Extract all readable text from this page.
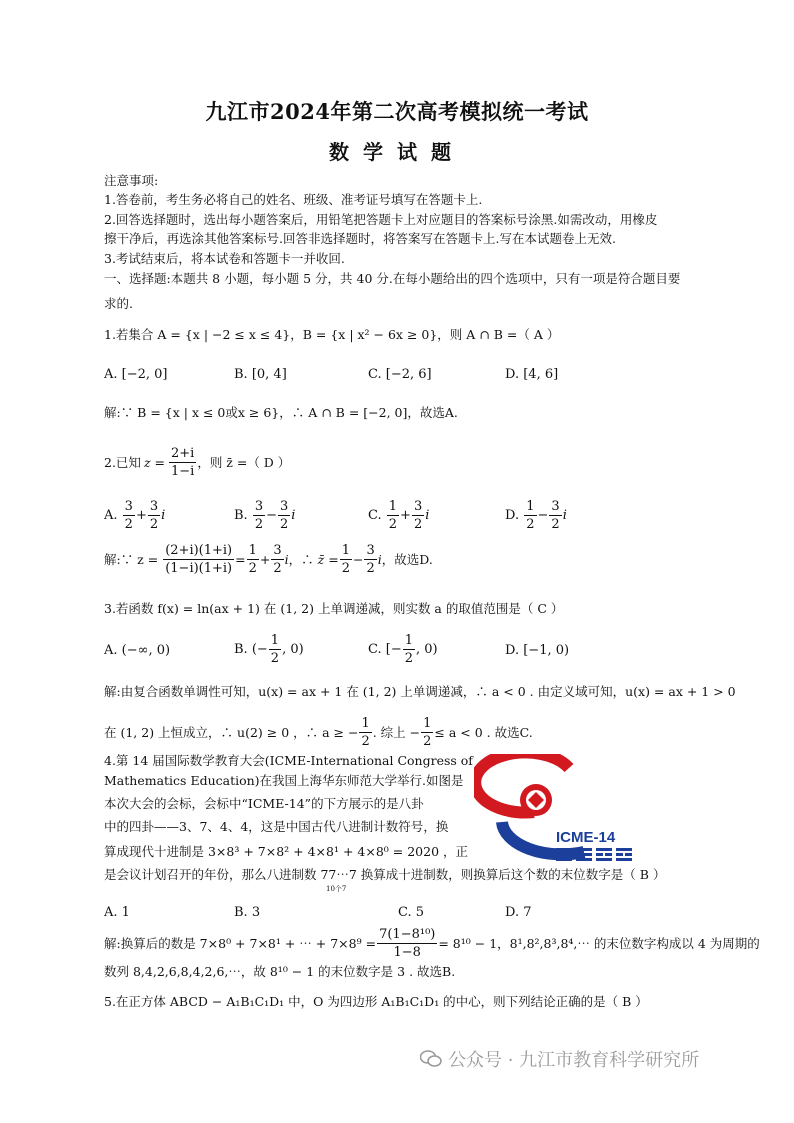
九江市2024年第二次高考模拟统一考试
数学试题
注意事项:
1.答卷前，考生务必将自己的姓名、班级、准考证号填写在答题卡上.
2.回答选择题时，选出每小题答案后，用铅笔把答题卡上对应题目的答案标号涂黑.如需改动，用橡皮
擦干净后，再选涂其他答案标号.回答非选择题时，将答案写在答题卡上.写在本试题卷上无效.
3.考试结束后，将本试卷和答题卡一并收回.
一、选择题:本题共 8 小题，每小题 5 分，共 40 分.在每小题给出的四个选项中，只有一项是符合题目要
求的.
1.若集合 A = {x | −2 ≤ x ≤ 4}，B = {x | x² − 6x ≥ 0}，则 A ∩ B =（ A ）
A. [−2, 0]	B. [0, 4]	C. [−2, 6]	D. [4, 6]
解:∵ B = {x | x ≤ 0或x ≥ 6}，∴ A ∩ B = [−2, 0]，故选A.
2.已知 $z = \frac{2+i}{1-i}$ ，则 z̄ =（ D ）
A.
$\frac{3}{2} + \frac{3}{2}$ i	B.
$\frac{3}{2} - \frac{3}{2}$ i	C.
$\frac{1}{2} + \frac{3}{2}$ i	D.
$\frac{1}{2} - \frac{3}{2}$ i
解:∵ z =
$\frac{(2+i)(1+i)}{(1-i)(1+i)} = \frac{1}{2} + \frac{3}{2}$ i ，∴ z̄ = $\frac{1}{2} - \frac{3}{2}$ i ，故选D.
3.若函数 f(x) = ln(ax + 1) 在 (1, 2) 上单调递减，则实数 a 的取值范围是（ C ）
A. (−∞, 0)	B. (− $\frac{1}{2}$ , 0)	C. [− $\frac{1}{2}$ , 0)	D. [−1, 0)
解:由复合函数单调性可知，u(x) = ax + 1 在 (1, 2) 上单调递减，∴ a < 0 . 由定义域可知，u(x) = ax + 1 > 0
在 (1, 2) 上恒成立，∴ u(2) ≥ 0 ，∴ a ≥ − $\frac{1}{2}$ . 综上 − $\frac{1}{2} \le a < 0$ . 故选C.
4.第 14 届国际数学教育大会(ICME-International Congress of
Mathematics Education)在我国上海华东师范大学举行.如图是
本次大会的会标，会标中“ICME-14”的下方展示的是八卦
中的四卦——3、7、4、4，这是中国古代八进制计数符号，换
算成现代十进制是 3×8³ + 7×8² + 4×8¹ + 4×8⁰ = 2020 ，正
是会议计划召开的年份，那么八进制数 77⋯7 换算成十进制数，则换算后这个数的末位数字是（ B ）
10个7
ICME-14
A. 1	B. 3	C. 5	D. 7
解:换算后的数是 7×8⁰ + 7×8¹ + ⋯ + $7\times 8^9 = \frac{\text{7(1−8¹⁰)}}{1-8} = 8^{10} - 1$，8¹,8²,8³,8⁴,⋯ 的末位数字构成以 4 为周期的
数列 8,4,2,6,8,4,2,6,⋯，故 8¹⁰ − 1 的末位数字是 3 . 故选B.
5.在正方体 ABCD − A₁B₁C₁D₁ 中，O 为四边形 A₁B₁C₁D₁ 的中心，则下列结论正确的是（ B ）
公众号 · 九江市教育科学研究所
